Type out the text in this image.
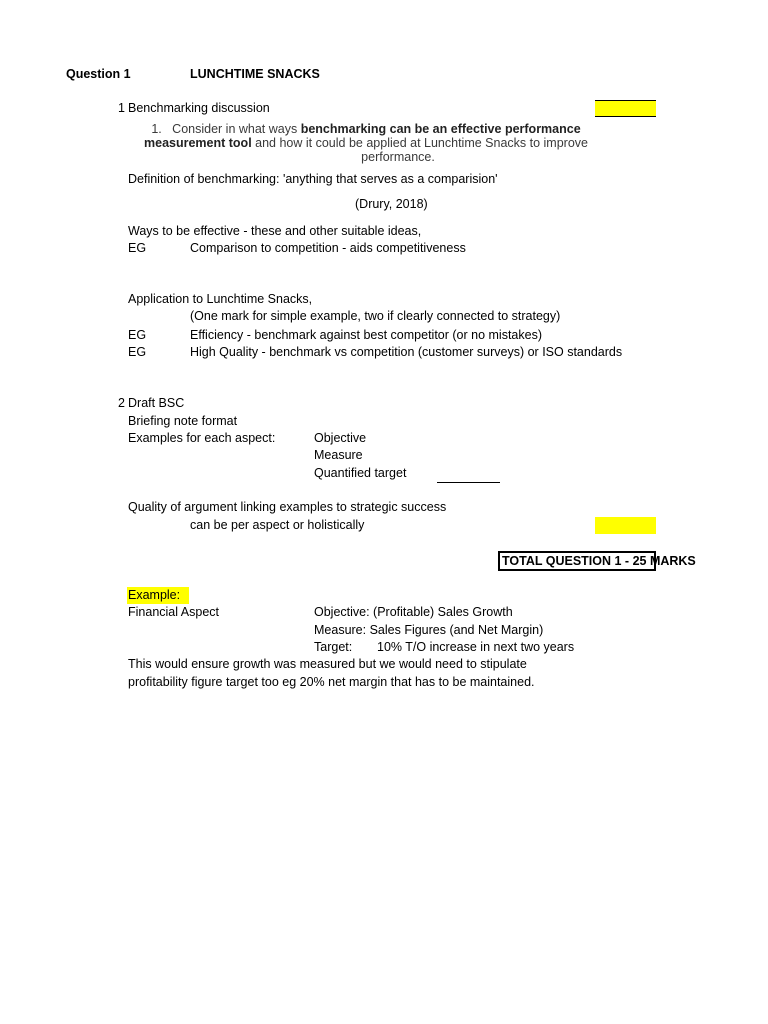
Question 1	LUNCHTIME SNACKS
1 Benchmarking discussion
1. Consider in what ways benchmarking can be an effective performance
measurement tool and how it could be applied at Lunchtime Snacks to improve
performance.
Definition of benchmarking: 'anything that serves as a comparision'
(Drury, 2018)
Ways to be effective - these and other suitable ideas,
EG	Comparison to competition - aids competitiveness
Application to Lunchtime Snacks,
(One mark for simple example, two if clearly connected to strategy)
EG	Efficiency - benchmark against best competitor (or no mistakes)
EG	High Quality - benchmark vs competition (customer surveys) or ISO standards
2 Draft BSC
Briefing note format
Examples for each aspect:	Objective
Measure
Quantified target
Quality of argument linking examples to strategic success
can be per aspect or holistically
TOTAL QUESTION 1 - 25 MARKS
Example:
Financial Aspect	Objective: (Profitable) Sales Growth
Measure: Sales Figures (and Net Margin)
Target: 10% T/O increase in next two years
This would ensure growth was measured but we would need to stipulate
profitability figure target too eg 20% net margin that has to be maintained.
